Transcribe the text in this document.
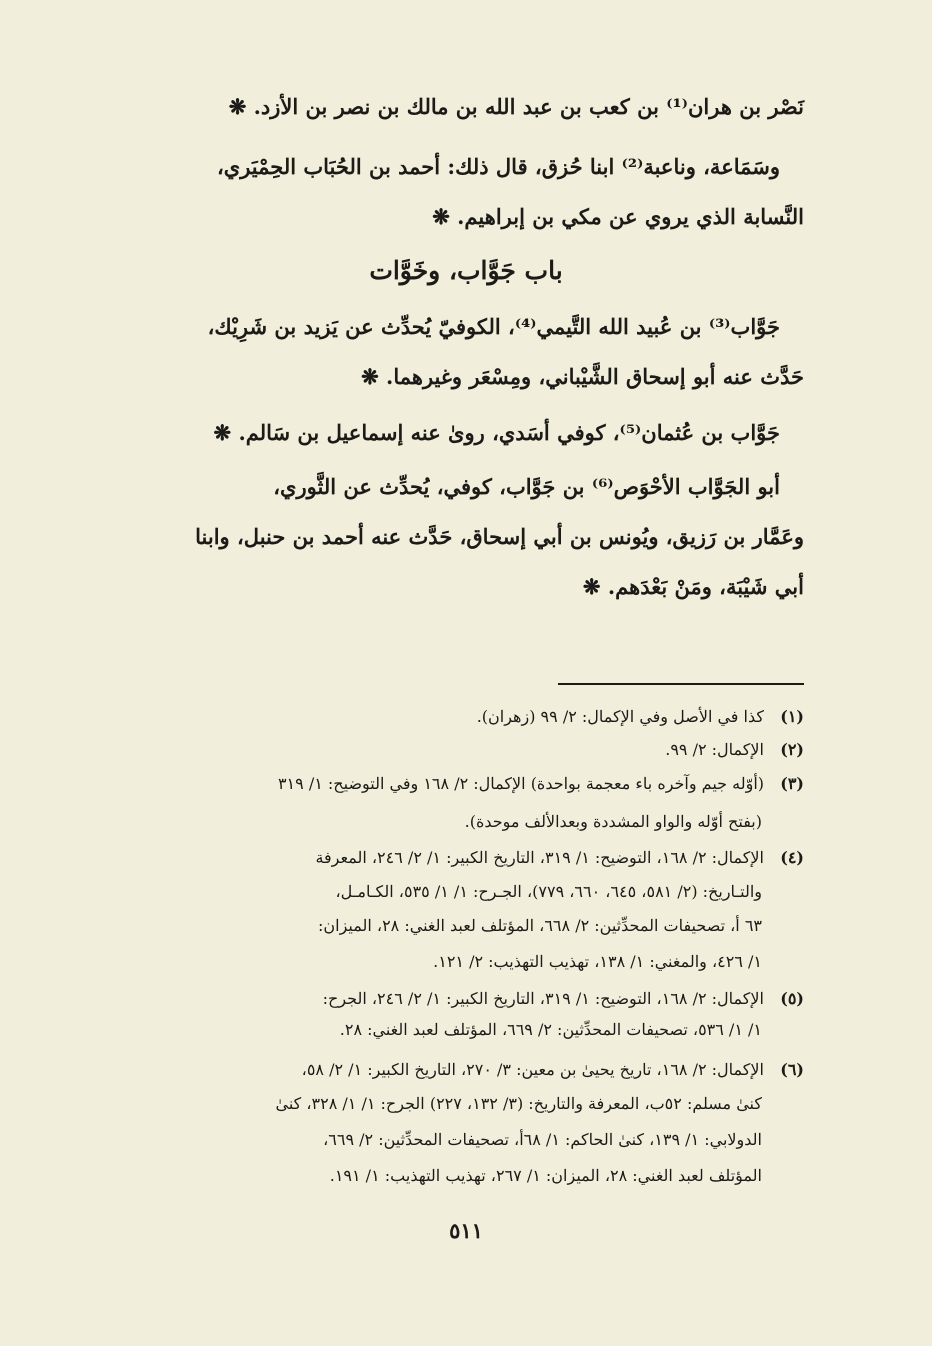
نَصْر بن هران⁽¹⁾ بن كعب بن عبد الله بن مالك بن نصر بن الأزد. ❋
وسَمَاعة، وناعبة⁽²⁾ ابنا حُزق، قال ذلك: أحمد بن الحُبَاب الحِمْيَري،
النَّسابة الذي يروي عن مكي بن إبراهيم. ❋
باب جَوَّاب، وخَوَّات
جَوَّاب⁽³⁾ بن عُبيد الله التَّيمي⁽⁴⁾، الكوفيّ يُحدِّث عن يَزيد بن شَرِيْك،
حَدَّث عنه أبو إسحاق الشَّيْباني، ومِسْعَر وغيرهما. ❋
جَوَّاب بن عُثمان⁽⁵⁾، كوفي أسَدي، روىٰ عنه إسماعيل بن سَالم. ❋
أبو الجَوَّاب الأحْوَص⁽⁶⁾ بن جَوَّاب، كوفي، يُحدِّث عن الثَّوري،
وعَمَّار بن رَزيق، ويُونس بن أبي إسحاق، حَدَّث عنه أحمد بن حنبل، وابنا
أبي شَيْبَة، ومَنْ بَعْدَهم. ❋
(١)كذا في الأصل وفي الإكمال: ٢/ ٩٩ (زهران).
(٢)الإكمال: ٢/ ٩٩.
(٣)(أوّله جيم وآخره باء معجمة بواحدة) الإكمال: ٢/ ١٦٨ وفي التوضيح: ١/ ٣١٩
(بفتح أوّله والواو المشددة وبعدالألف موحدة).
(٤)الإكمال: ٢/ ١٦٨، التوضيح: ١/ ٣١٩، التاريخ الكبير: ١/ ٢/ ٢٤٦، المعرفة
والتـاريخ: (٢/ ٥٨١، ٦٤٥، ٦٦٠، ٧٧٩)، الجـرح: ١/ ١/ ٥٣٥، الكـامـل،
٦٣ أ، تصحيفات المحدِّثين: ٢/ ٦٦٨، المؤتلف لعبد الغني: ٢٨، الميزان:
١/ ٤٢٦، والمغني: ١/ ١٣٨، تهذيب التهذيب: ٢/ ١٢١.
(٥)الإكمال: ٢/ ١٦٨، التوضيح: ١/ ٣١٩، التاريخ الكبير: ١/ ٢/ ٢٤٦، الجرح:
١/ ١/ ٥٣٦، تصحيفات المحدِّثين: ٢/ ٦٦٩، المؤتلف لعبد الغني: ٢٨.
(٦)الإكمال: ٢/ ١٦٨، تاريخ يحيىٰ بن معين: ٣/ ٢٧٠، التاريخ الكبير: ١/ ٢/ ٥٨،
كنىٰ مسلم: ٥٢ب، المعرفة والتاريخ: (٣/ ١٣٢، ٢٢٧) الجرح: ١/ ١/ ٣٢٨، كنىٰ
الدولابي: ١/ ١٣٩، كنىٰ الحاكم: ١/ ٦٨أ، تصحيفات المحدِّثين: ٢/ ٦٦٩،
المؤتلف لعبد الغني: ٢٨، الميزان: ١/ ٢٦٧، تهذيب التهذيب: ١/ ١٩١.
٥١١
